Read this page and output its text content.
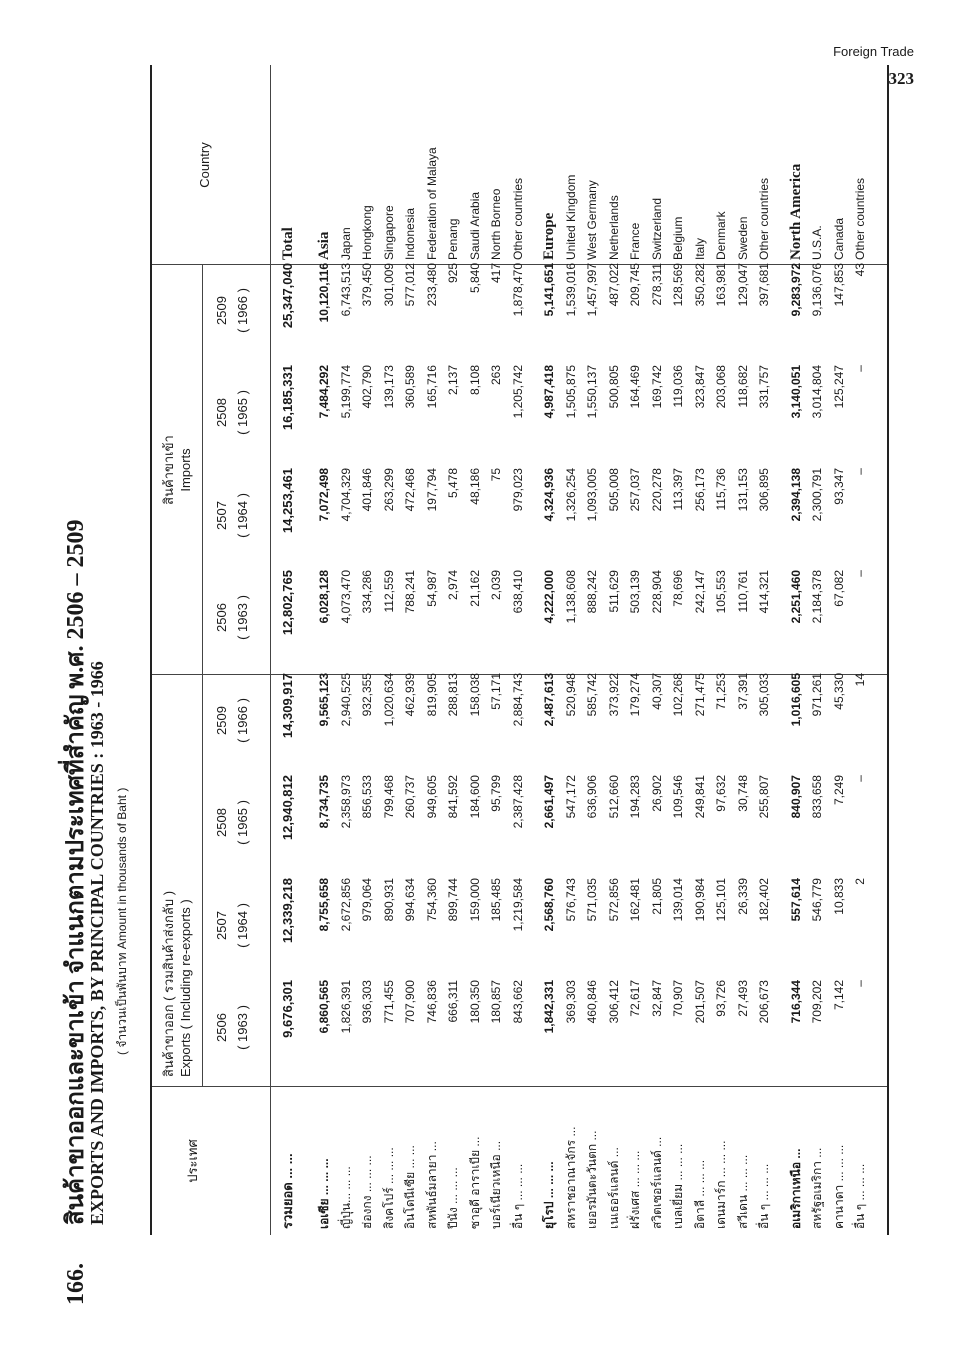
Foreign Trade
323
166.สินค้าขาออกและขาเข้า จำแนกตามประเทศที่สำคัญ พ.ศ. 2506 – 2509
EXPORTS AND IMPORTS, BY PRINCIPAL COUNTRIES : 1963 - 1966 ( จำนวนเป็นพันบาท Amount in thousands of Baht )
ประเทศ
Country
สินค้าขาออก ( รวมสินค้าส่งกลับ ) Exports ( Including re-exports )
สินค้าขาเข้า Imports
2506 ( 1963 )
2507 ( 1964 )
2508 ( 1965 )
2509 ( 1966 )
2506 ( 1963 )
2507 ( 1964 )
2508 ( 1965 )
2509 ( 1966 )
รวมยอด ... ...
9,676,301
12,339,218
12,940,812
14,309,917
12,802,765
14,253,461
16,185,331
25,347,040
Total
เอเซีย ... ... ...
6,860,565
8,755,658
8,734,735
9,565,123
6,028,128
7,072,498
7,484,292
10,120,116
Asia
ญี่ปุ่น... ... ...
1,826,391
2,672,856
2,358,973
2,940,525
4,073,470
4,704,329
5,199,774
6,743,513
Japan
ฮ่องกง ... ... ...
936,303
979,064
856,533
932,355
334,286
401,846
402,790
379,450
Hongkong
สิงคโปร์ ... ... ...
771,455
890,931
799,468
1,020,634
112,559
263,299
139,173
301,009
Singapore
อินโดนีเซีย ... ...
707,900
994,634
260,737
462,939
788,241
472,468
360,589
577,012
Indonesia
สหพันธ์มลายา ...
746,836
754,360
949,605
819,905
54,987
197,794
165,716
233,480
Federation of Malaya
ปีนัง ... ... ...
666,311
899,744
841,592
288,813
2,974
5,478
2,137
925
Penang
ซาอุดี อาราเบีย ...
180,350
159,000
184,600
158,038
21,162
48,186
8,108
5,840
Saudi Arabia
บอร์เนียวเหนือ ...
180,857
185,485
95,799
57,171
2,039
75
263
417
North Borneo
อื่น ๆ ... ... ...
843,662
1,219,584
2,387,428
2,884,743
638,410
979,023
1,205,742
1,878,470
Other countries
ยุโรป ... ... ...
1,842,331
2,568,760
2,661,497
2,487,613
4,222,000
4,324,936
4,987,418
5,141,651
Europe
สหราชอาณาจักร ...
369,303
576,743
547,172
520,948
1,138,608
1,326,254
1,505,875
1,539,016
United Kingdom
เยอรมันตะวันตก ...
460,846
571,035
636,906
585,742
888,242
1,093,005
1,550,137
1,457,997
West Germany
เนเธอร์แลนด์ ...
306,412
572,856
512,660
373,922
511,629
505,008
500,805
487,022
Netherlands
ฝรั่งเศส ... ... ...
72,617
162,481
194,283
179,274
503,139
257,037
164,469
209,745
France
สวิตเซอร์แลนด์ ...
32,847
21,805
26,902
40,307
228,904
220,278
169,742
278,311
Switzerland
เบลเยี่ยม ... ... ...
70,907
139,014
109,546
102,268
78,696
113,397
119,036
128,569
Belgium
อิตาลี ... ... ...
201,507
190,984
249,841
271,475
242,147
256,173
323,847
350,282
Italy
เดนมาร์ก ... ... ...
93,726
125,101
97,632
71,253
105,553
115,736
203,068
163,981
Denmark
สวีเดน ... ... ...
27,493
26,339
30,748
37,391
110,761
131,153
118,682
129,047
Sweden
อื่น ๆ ... ... ...
206,673
182,402
255,807
305,033
414,321
306,895
331,757
397,681
Other countries
อเมริกาเหนือ ...
716,344
557,614
840,907
1,016,605
2,251,460
2,394,138
3,140,051
9,283,972
North America
สหรัฐอเมริกา ...
709,202
546,779
833,658
971,261
2,184,378
2,300,791
3,014,804
9,136,076
U.S.A.
คานาดา ... ... ...
7,142
10,833
7,249
45,330
67,082
93,347
125,247
147,853
Canada
อื่น ๆ ... ... ...
–
2
–
14
–
–
–
43
Other countries
